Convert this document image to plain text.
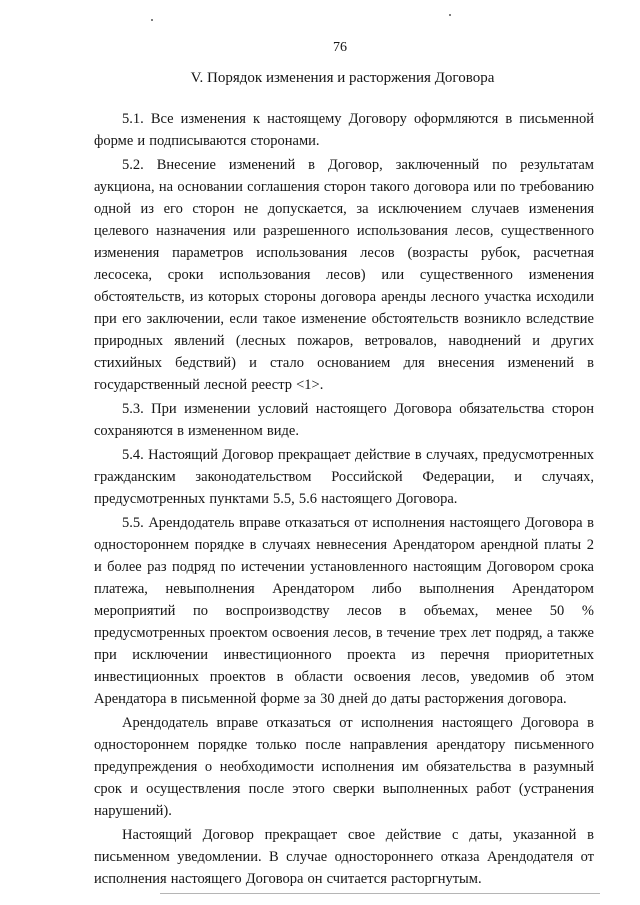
76
V. Порядок изменения и расторжения Договора

5.1. Все изменения к настоящему Договору оформляются в письменной форме и подписываются сторонами.

5.2. Внесение изменений в Договор, заключенный по результатам аукциона, на основании соглашения сторон такого договора или по требованию одной из его сторон не допускается, за исключением случаев изменения целевого назначения или разрешенного использования лесов, существенного изменения параметров использования лесов (возрасты рубок, расчетная лесосека, сроки использования лесов) или существенного изменения обстоятельств, из которых стороны договора аренды лесного участка исходили при его заключении, если такое изменение обстоятельств возникло вследствие природных явлений (лесных пожаров, ветровалов, наводнений и других стихийных бедствий) и стало основанием для внесения изменений в государственный лесной реестр <1>.

5.3. При изменении условий настоящего Договора обязательства сторон сохраняются в измененном виде.

5.4. Настоящий Договор прекращает действие в случаях, предусмотренных гражданским законодательством Российской Федерации, и случаях, предусмотренных пунктами 5.5, 5.6 настоящего Договора.

5.5. Арендодатель вправе отказаться от исполнения настоящего Договора в одностороннем порядке в случаях невнесения Арендатором арендной платы 2 и более раз подряд по истечении установленного настоящим Договором срока платежа, невыполнения Арендатором либо выполнения Арендатором мероприятий по воспроизводству лесов в объемах, менее 50 % предусмотренных проектом освоения лесов, в течение трех лет подряд, а также при исключении инвестиционного проекта из перечня приоритетных инвестиционных проектов в области освоения лесов, уведомив об этом Арендатора в письменной форме за 30 дней до даты расторжения договора.

Арендодатель вправе отказаться от исполнения настоящего Договора в одностороннем порядке только после направления арендатору письменного предупреждения о необходимости исполнения им обязательства в разумный срок и осуществления после этого сверки выполненных работ (устранения нарушений).

Настоящий Договор прекращает свое действие с даты, указанной в письменном уведомлении. В случае одностороннего отказа Арендодателя от исполнения настоящего Договора он считается расторгнутым.
